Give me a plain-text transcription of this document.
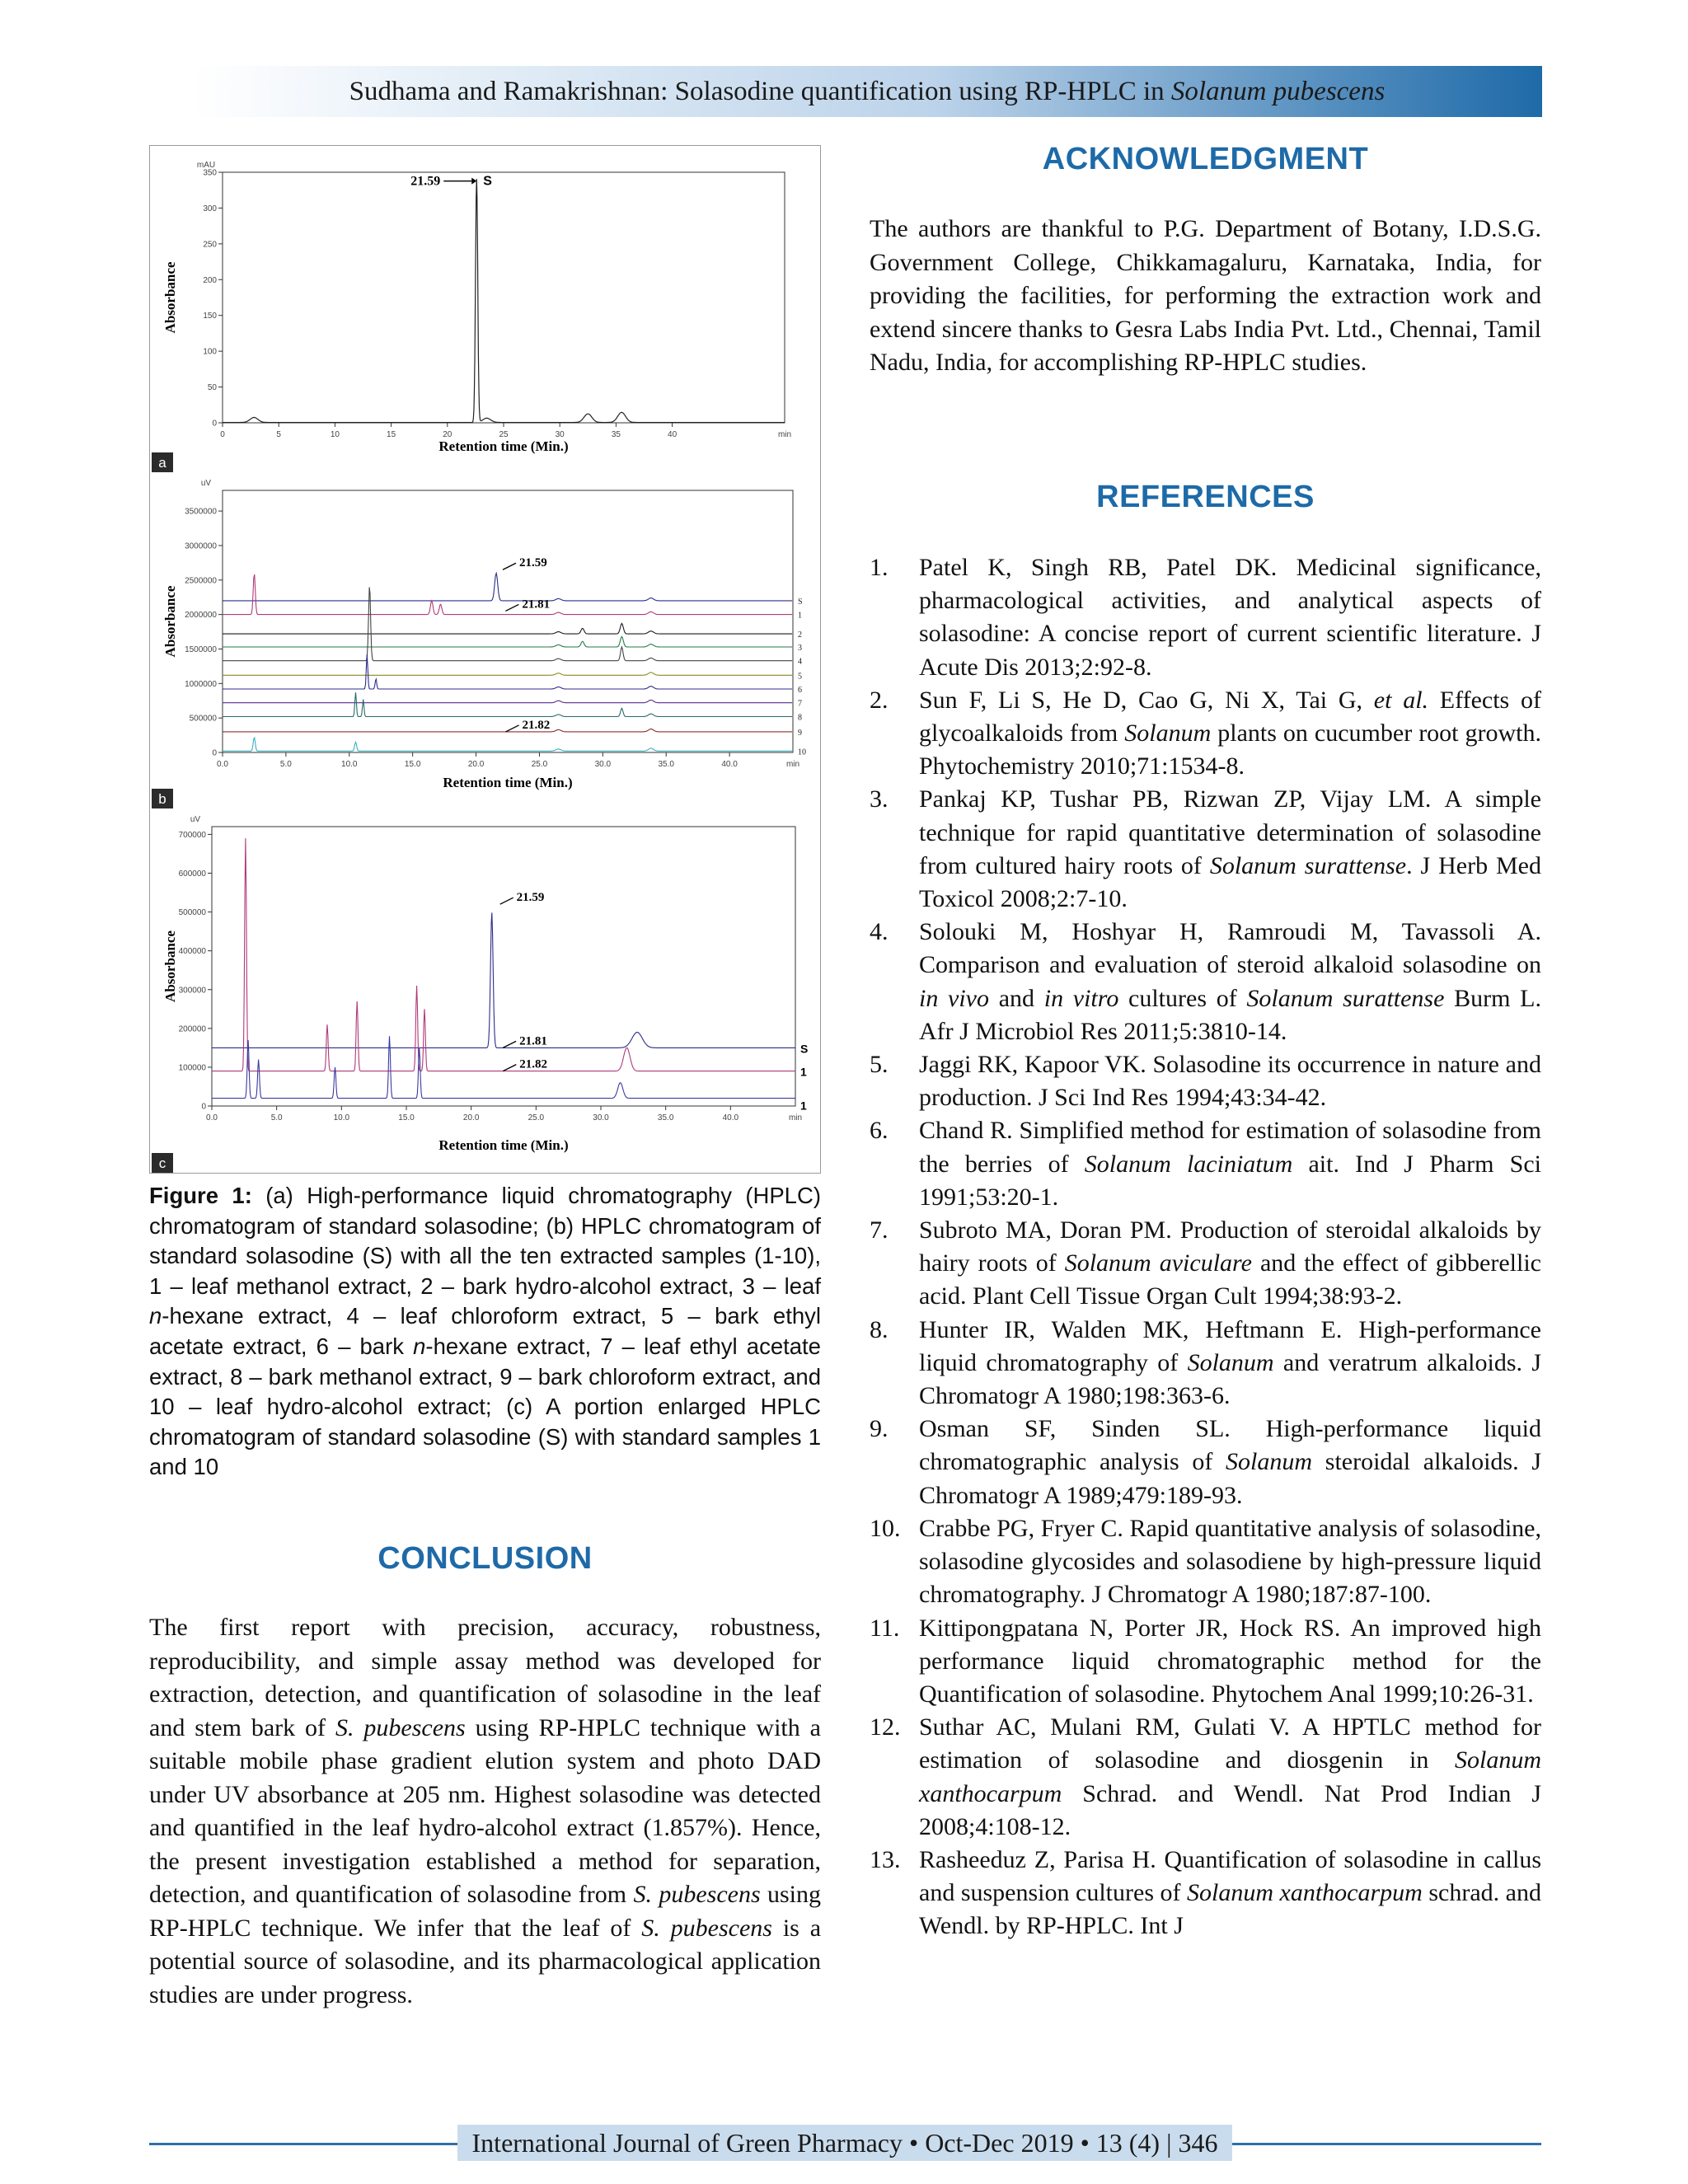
Sudhama and Ramakrishnan: Solasodine quantification using RP-HPLC in Solanum pubescens
0
50
100
150
200
250
300
350
0	5	10	15	20	25	30	35	40
mAU
min
Absorbance
Retention time (Min.)
a
0
500000
1000000
1500000
2000000
2500000
3000000
3500000
0.0	5.0	10.0	15.0	20.0	25.0	30.0	35.0	40.0
uV
min
Absorbance
Retention time (Min.)
b
0
100000
200000
300000
400000
500000
600000
700000
0.0	5.0	10.0	15.0	20.0	25.0	30.0	35.0	40.0
uV
min
Absorbance
Retention time (Min.)
c
21.59	S
S
1
2
3
4
5
6
7
8
9
10
21.59
21.81
21.82
S
1
1
21.59
21.81
21.82
Figure 1: (a) High-performance liquid chromatography (HPLC) chromatogram of standard solasodine; (b) HPLC chromatogram of standard solasodine (S) with all the ten extracted samples (1-10), 1 – leaf methanol extract, 2 – bark hydro-alcohol extract, 3 – leaf n-hexane extract, 4 – leaf chloroform extract, 5 – bark ethyl acetate extract, 6 – bark n-hexane extract, 7 – leaf ethyl acetate extract, 8 – bark methanol extract, 9 – bark chloroform extract, and 10 – leaf hydro-alcohol extract; (c) A portion enlarged HPLC chromatogram of standard solasodine (S) with standard samples 1 and 10
CONCLUSION
The first report with precision, accuracy, robustness, reproducibility, and simple assay method was developed for extraction, detection, and quantification of solasodine in the leaf and stem bark of S. pubescens using RP-HPLC technique with a suitable mobile phase gradient elution system and photo DAD under UV absorbance at 205 nm. Highest solasodine was detected and quantified in the leaf hydro-alcohol extract (1.857%). Hence, the present investigation established a method for separation, detection, and quantification of solasodine from S. pubescens using RP-HPLC technique. We infer that the leaf of S. pubescens is a potential source of solasodine, and its pharmacological application studies are under progress.
ACKNOWLEDGMENT
The authors are thankful to P.G. Department of Botany, I.D.S.G. Government College, Chikkamagaluru, Karnataka, India, for providing the facilities, for performing the extraction work and extend sincere thanks to Gesra Labs India Pvt. Ltd., Chennai, Tamil Nadu, India, for accomplishing RP-HPLC studies.
REFERENCES
1. Patel K, Singh RB, Patel DK. Medicinal significance, pharmacological activities, and analytical aspects of solasodine: A concise report of current scientific literature. J Acute Dis 2013;2:92-8.
2. Sun F, Li S, He D, Cao G, Ni X, Tai G, et al. Effects of glycoalkaloids from Solanum plants on cucumber root growth. Phytochemistry 2010;71:1534-8.
3. Pankaj KP, Tushar PB, Rizwan ZP, Vijay LM. A simple technique for rapid quantitative determination of solasodine from cultured hairy roots of Solanum surattense. J Herb Med Toxicol 2008;2:7-10.
4. Solouki M, Hoshyar H, Ramroudi M, Tavassoli A. Comparison and evaluation of steroid alkaloid solasodine on in vivo and in vitro cultures of Solanum surattense Burm L. Afr J Microbiol Res 2011;5:3810-14.
5. Jaggi RK, Kapoor VK. Solasodine its occurrence in nature and production. J Sci Ind Res 1994;43:34-42.
6. Chand R. Simplified method for estimation of solasodine from the berries of Solanum laciniatum ait. Ind J Pharm Sci 1991;53:20-1.
7. Subroto MA, Doran PM. Production of steroidal alkaloids by hairy roots of Solanum aviculare and the effect of gibberellic acid. Plant Cell Tissue Organ Cult 1994;38:93-2.
8. Hunter IR, Walden MK, Heftmann E. High-performance liquid chromatography of Solanum and veratrum alkaloids. J Chromatogr A 1980;198:363-6.
9. Osman SF, Sinden SL. High-performance liquid chromatographic analysis of Solanum steroidal alkaloids. J Chromatogr A 1989;479:189-93.
10. Crabbe PG, Fryer C. Rapid quantitative analysis of solasodine, solasodine glycosides and solasodiene by high-pressure liquid chromatography. J Chromatogr A 1980;187:87-100.
11. Kittipongpatana N, Porter JR, Hock RS. An improved high performance liquid chromatographic method for the Quantification of solasodine. Phytochem Anal 1999;10:26-31.
12. Suthar AC, Mulani RM, Gulati V. A HPTLC method for estimation of solasodine and diosgenin in Solanum xanthocarpum Schrad. and Wendl. Nat Prod Indian J 2008;4:108-12.
13. Rasheeduz Z, Parisa H. Quantification of solasodine in callus and suspension cultures of Solanum xanthocarpum schrad. and Wendl. by RP-HPLC. Int J
International Journal of Green Pharmacy • Oct-Dec 2019 • 13 (4) | 346
